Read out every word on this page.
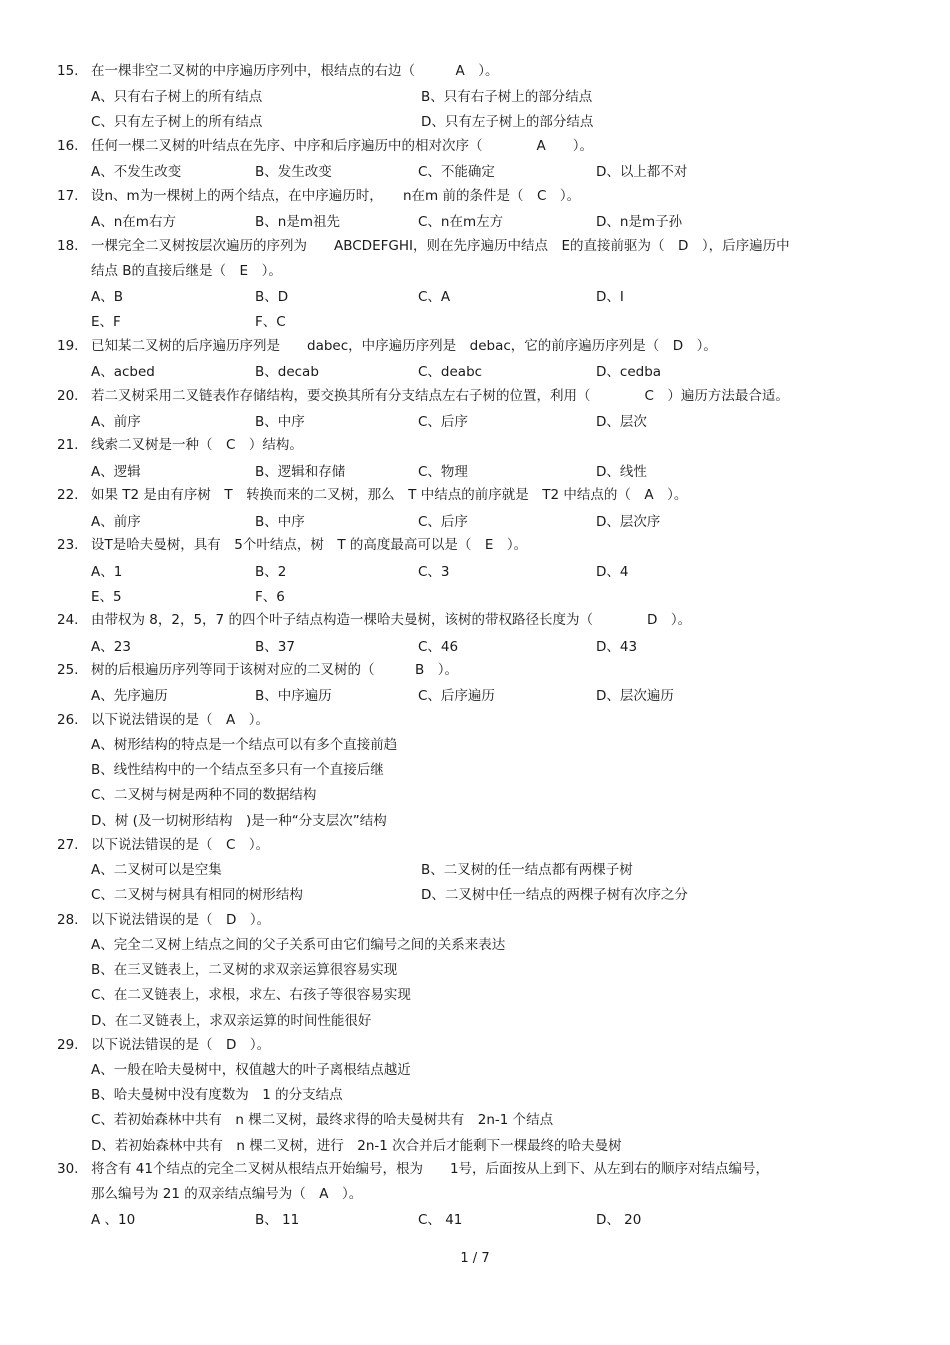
15. 在一棵非空二叉树的中序遍历序列中，根结点的右边（　　　A　）。
A、只有右子树上的所有结点	B、只有右子树上的部分结点
C、只有左子树上的所有结点	D、只有左子树上的部分结点
16. 任何一棵二叉树的叶结点在先序、中序和后序遍历中的相对次序（　　　　A　　）。
A、不发生改变	B、发生改变	C、不能确定	D、以上都不对
17. 设n、m为一棵树上的两个结点，在中序遍历时，　　n在m 前的条件是（　C　）。
A、n在m右方	B、n是m祖先	C、n在m左方	D、n是m子孙
18. 一棵完全二叉树按层次遍历的序列为　　ABCDEFGHI，则在先序遍历中结点　E的直接前驱为（　D　），后序遍历中
结点 B的直接后继是（　E　）。
A、B	B、D	C、A	D、I
E、F	F、C
19. 已知某二叉树的后序遍历序列是　　dabec，中序遍历序列是　debac，它的前序遍历序列是（　D　）。
A、acbed	B、decab	C、deabc	D、cedba
20. 若二叉树采用二叉链表作存储结构，要交换其所有分支结点左右子树的位置，利用（　　　　C　）遍历方法最合适。
A、前序	B、中序	C、后序	D、层次
21. 线索二叉树是一种（　C　）结构。
A、逻辑	B、逻辑和存储	C、物理	D、线性
22. 如果 T2 是由有序树　T　转换而来的二叉树，那么　T 中结点的前序就是　T2 中结点的（　A　）。
A、前序	B、中序	C、后序	D、层次序
23. 设T是哈夫曼树，具有　5个叶结点，树　T 的高度最高可以是（　E　）。
A、1	B、2	C、3	D、4
E、5	F、6
24. 由带权为 8，2，5，7 的四个叶子结点构造一棵哈夫曼树，该树的带权路径长度为（　　　　D　）。
A、23	B、37	C、46	D、43
25. 树的后根遍历序列等同于该树对应的二叉树的（　　　B　）。
A、先序遍历	B、中序遍历	C、后序遍历	D、层次遍历
26. 以下说法错误的是（　A　）。
A、树形结构的特点是一个结点可以有多个直接前趋
B、线性结构中的一个结点至多只有一个直接后继
C、二叉树与树是两种不同的数据结构
D、树 (及一切树形结构　)是一种“分支层次”结构
27. 以下说法错误的是（　C　）。
A、二叉树可以是空集	B、二叉树的任一结点都有两棵子树
C、二叉树与树具有相同的树形结构	D、二叉树中任一结点的两棵子树有次序之分
28. 以下说法错误的是（　D　）。
A、完全二叉树上结点之间的父子关系可由它们编号之间的关系来表达
B、在三叉链表上，二叉树的求双亲运算很容易实现
C、在二叉链表上，求根，求左、右孩子等很容易实现
D、在二叉链表上，求双亲运算的时间性能很好
29. 以下说法错误的是（　D　）。
A、一般在哈夫曼树中，权值越大的叶子离根结点越近
B、哈夫曼树中没有度数为　1 的分支结点
C、若初始森林中共有　n 棵二叉树，最终求得的哈夫曼树共有　2n-1 个结点
D、若初始森林中共有　n 棵二叉树，进行　2n-1 次合并后才能剩下一棵最终的哈夫曼树
30. 将含有 41个结点的完全二叉树从根结点开始编号，根为　　1号，后面按从上到下、从左到右的顺序对结点编号，
那么编号为 21 的双亲结点编号为（　A　）。
A 、10	B、 11	C、 41	D、 20
1 / 7
